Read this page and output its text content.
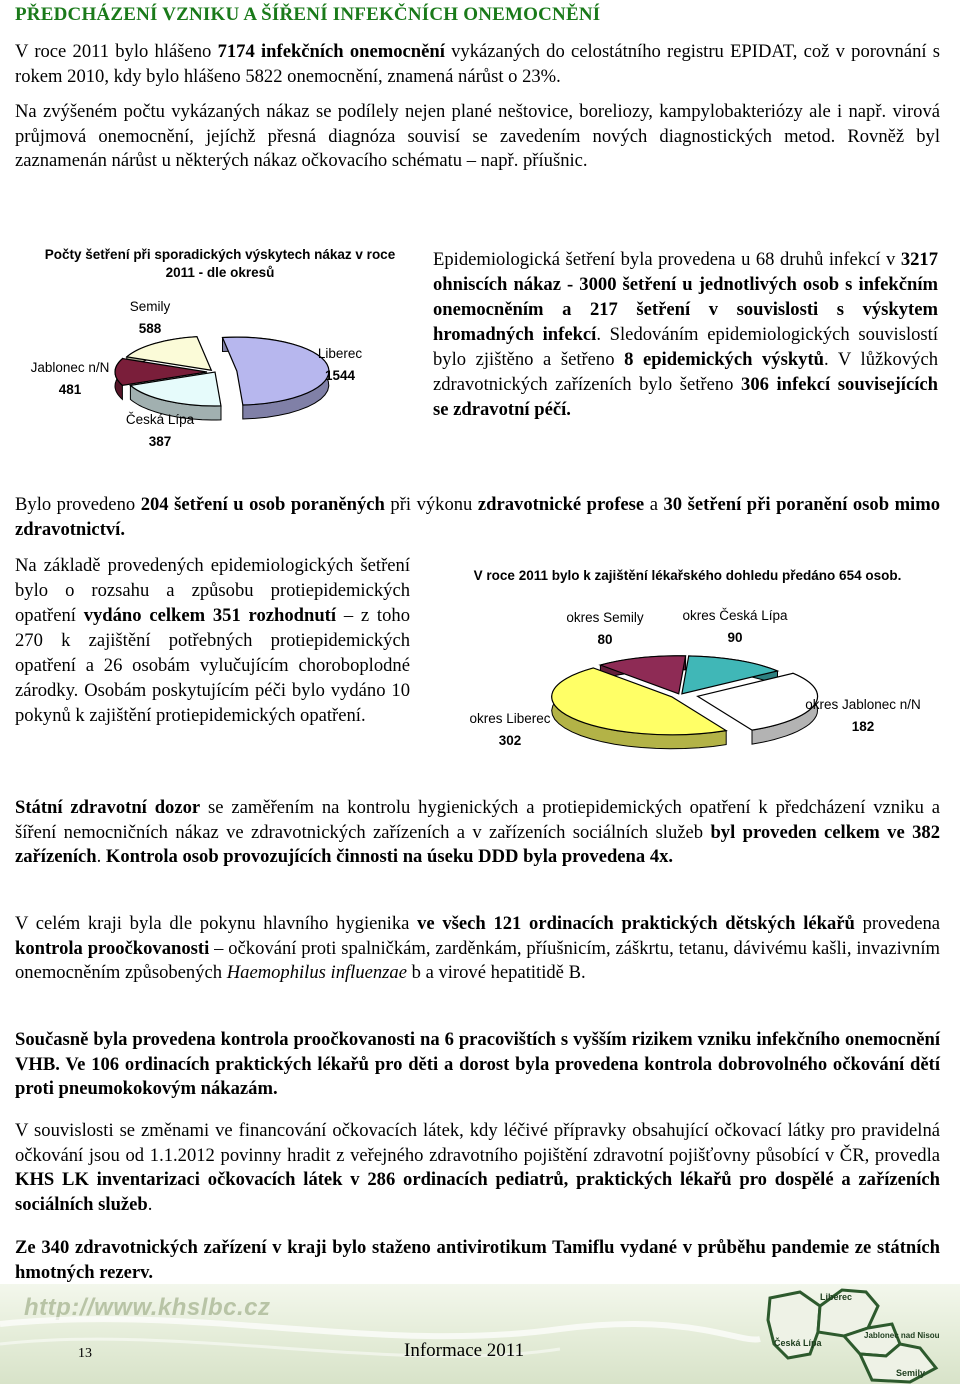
PŘEDCHÁZENÍ VZNIKU A ŠÍŘENÍ INFEKČNÍCH ONEMOCNĚNÍ
V roce 2011 bylo hlášeno 7174 infekčních onemocnění vykázaných do celostátního registru EPIDAT, což v porovnání s rokem 2010, kdy bylo hlášeno 5822 onemocnění, znamená nárůst o 23%.
Na zvýšeném počtu vykázaných nákaz se podílely nejen plané neštovice, boreliozy, kampylobakteriózy ale i např. virová průjmová onemocnění, jejíchž přesná diagnóza souvisí se zavedením nových diagnostických metod. Rovněž byl zaznamenán nárůst u některých nákaz očkovacího schématu – např. příušnic.
Počty šetření při sporadických výskytech nákaz v roce 2011 - dle okresů
Semily
588
Liberec
1544
Jablonec n/N
481
Česká Lípa
387
Epidemiologická šetření byla provedena u 68 druhů infekcí v 3217 ohniscích nákaz - 3000 šetření u jednotlivých osob s infekčním onemocněním a 217 šetření v souvislosti s výskytem hromadných infekcí. Sledováním epidemiologických souvislostí bylo zjištěno a šetřeno 8 epidemických výskytů. V lůžkových zdravotnických zařízeních bylo šetřeno 306 infekcí souvisejících se zdravotní péčí.
Bylo provedeno 204 šetření u osob poraněných při výkonu zdravotnické profese a 30 šetření při poranění osob mimo zdravotnictví.
Na základě provedených epidemiologických šetření bylo o rozsahu a způsobu protiepidemických opatření vydáno celkem 351 rozhodnutí – z toho 270 k zajištění potřebných protiepidemických opatření a 26 osobám vylučujícím choroboplodné zárodky. Osobám poskytujícím péči bylo vydáno 10 pokynů k zajištění protiepidemických opatření.
V roce 2011 bylo k zajištění lékařského dohledu předáno 654 osob.
okres Semily
80
okres Česká Lípa
90
okres Jablonec n/N
182
okres Liberec
302
Státní zdravotní dozor se zaměřením na kontrolu hygienických a protiepidemických opatření k předcházení vzniku a šíření nemocničních nákaz ve zdravotnických zařízeních a v zařízeních sociálních služeb byl proveden celkem ve 382 zařízeních. Kontrola osob provozujících činnosti na úseku DDD byla provedena 4x.
V celém kraji byla dle pokynu hlavního hygienika ve všech 121 ordinacích praktických dětských lékařů provedena kontrola proočkovanosti – očkování proti spalničkám, zarděnkám, příušnicím, záškrtu, tetanu, dávivému kašli, invazivním onemocněním způsobených Haemophilus influenzae b a virové hepatitidě B.
Současně byla provedena kontrola proočkovanosti na 6 pracovištích s vyšším rizikem vzniku infekčního onemocnění VHB. Ve 106 ordinacích praktických lékařů pro děti a dorost byla provedena kontrola dobrovolného očkování dětí proti pneumokokovým nákazám.
V souvislosti se změnami ve financování očkovacích látek, kdy léčivé přípravky obsahující očkovací látky pro pravidelná očkování jsou od 1.1.2012 povinny hradit z veřejného zdravotního pojištění zdravotní pojišťovny působící v ČR, provedla KHS LK inventarizaci očkovacích látek v 286 ordinacích pediatrů, praktických lékařů pro dospělé a zařízeních sociálních služeb.
Ze 340 zdravotnických zařízení v kraji bylo staženo antivirotikum Tamiflu vydané v průběhu pandemie ze státních hmotných rezerv.
http://www.khslbc.cz
13	Informace 2011
Liberec
Jablonec nad Nisou
Česká Lípa
Semily
